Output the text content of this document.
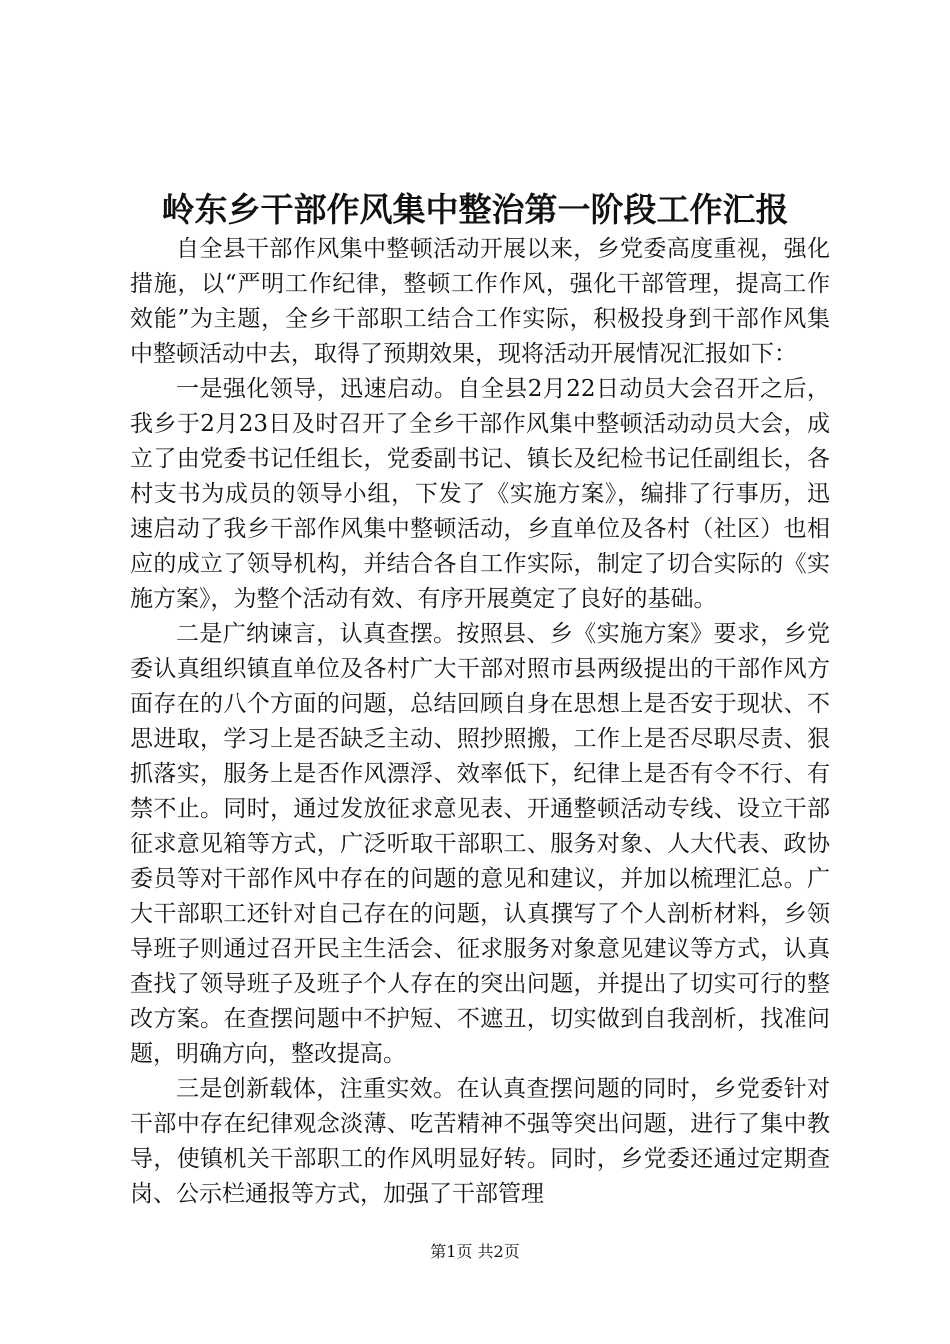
岭东乡干部作风集中整治第一阶段工作汇报

自全县干部作风集中整顿活动开展以来，乡党委高度重视，强化措施，以“严明工作纪律，整顿工作作风，强化干部管理，提高工作效能”为主题，全乡干部职工结合工作实际，积极投身到干部作风集中整顿活动中去，取得了预期效果，现将活动开展情况汇报如下：

一是强化领导，迅速启动。自全县2月22日动员大会召开之后，我乡于2月23日及时召开了全乡干部作风集中整顿活动动员大会，成立了由党委书记任组长，党委副书记、镇长及纪检书记任副组长，各村支书为成员的领导小组，下发了《实施方案》，编排了行事历，迅速启动了我乡干部作风集中整顿活动，乡直单位及各村（社区）也相应的成立了领导机构，并结合各自工作实际，制定了切合实际的《实施方案》，为整个活动有效、有序开展奠定了良好的基础。

二是广纳谏言，认真查摆。按照县、乡《实施方案》要求，乡党委认真组织镇直单位及各村广大干部对照市县两级提出的干部作风方面存在的八个方面的问题，总结回顾自身在思想上是否安于现状、不思进取，学习上是否缺乏主动、照抄照搬，工作上是否尽职尽责、狠抓落实，服务上是否作风漂浮、效率低下，纪律上是否有令不行、有禁不止。同时，通过发放征求意见表、开通整顿活动专线、设立干部征求意见箱等方式，广泛听取干部职工、服务对象、人大代表、政协委员等对干部作风中存在的问题的意见和建议，并加以梳理汇总。广大干部职工还针对自己存在的问题，认真撰写了个人剖析材料，乡领导班子则通过召开民主生活会、征求服务对象意见建议等方式，认真查找了领导班子及班子个人存在的突出问题，并提出了切实可行的整改方案。在查摆问题中不护短、不遮丑，切实做到自我剖析，找准问题，明确方向，整改提高。

三是创新载体，注重实效。在认真查摆问题的同时，乡党委针对干部中存在纪律观念淡薄、吃苦精神不强等突出问题，进行了集中教导，使镇机关干部职工的作风明显好转。同时，乡党委还通过定期查岗、公示栏通报等方式，加强了干部管理

第1页 共2页
